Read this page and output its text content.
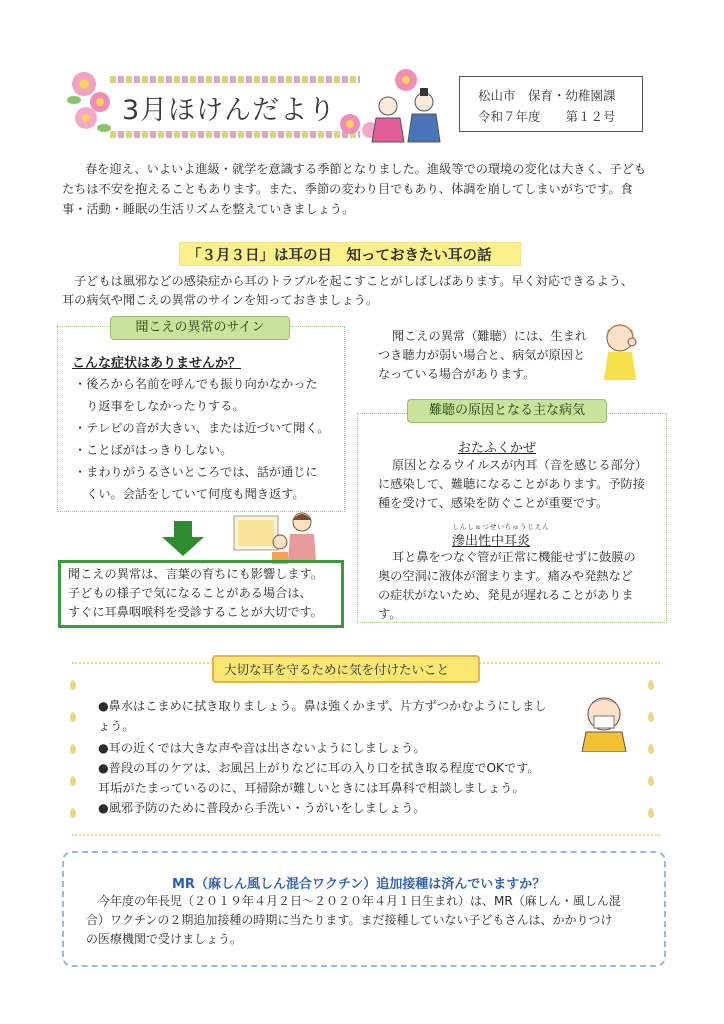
3月ほけんだより	松山市　保育・幼稚園課
令和７年度　　第１２号
春を迎え、いよいよ進級・就学を意識する季節となりました。進級等での環境の変化は大きく、子ども
たちは不安を抱えることもあります。また、季節の変わり目でもあり、体調を崩してしまいがちです。食
事・活動・睡眠の生活リズムを整えていきましょう。
「３月３日」は耳の日　知っておきたい耳の話
子どもは風邪などの感染症から耳のトラブルを起こすことがしばしばあります。早く対応できるよう、
耳の病気や聞こえの異常のサインを知っておきましょう。
聞こえの異常のサイン
こんな症状はありませんか？
・後ろから名前を呼んでも振り向かなかった
　り返事をしなかったりする。
・テレビの音が大きい、または近づいて聞く。
・ことばがはっきりしない。
・まわりがうるさいところでは、話が通じに
　くい。会話をしていて何度も聞き返す。
聞こえの異常は、言葉の育ちにも影響します。
子どもの様子で気になることがある場合は、
すぐに耳鼻咽喉科を受診することが大切です。
聞こえの異常（難聴）には、生まれ
つき聴力が弱い場合と、病気が原因と
なっている場合があります。
難聴の原因となる主な病気
おたふくかぜ
原因となるウイルスが内耳（音を感じる部分）
に感染して、難聴になることがあります。予防接
種を受けて、感染を防ぐことが重要です。
しんしゅつせいちゅうじえん
滲出性中耳炎
耳と鼻をつなぐ管が正常に機能せずに鼓膜の
奥の空洞に液体が溜まります。痛みや発熱など
の症状がないため、発見が遅れることがありま
す。
大切な耳を守るために気を付けたいこと
●鼻水はこまめに拭き取りましょう。鼻は強くかまず、片方ずつかむようにしまし
ょう。
●耳の近くでは大きな声や音は出さないようにしましょう。
●普段の耳のケアは、お風呂上がりなどに耳の入り口を拭き取る程度でOKです。
耳垢がたまっているのに、耳掃除が難しいときには耳鼻科で相談しましょう。
●風邪予防のために普段から手洗い・うがいをしましょう。
MR（麻しん風しん混合ワクチン）追加接種は済んでいますか？
今年度の年長児（２０１９年４月２日～２０２０年４月１日生まれ）は、MR（麻しん・風しん混
合）ワクチンの２期追加接種の時期に当たります。まだ接種していない子どもさんは、かかりつけ
の医療機関で受けましょう。
